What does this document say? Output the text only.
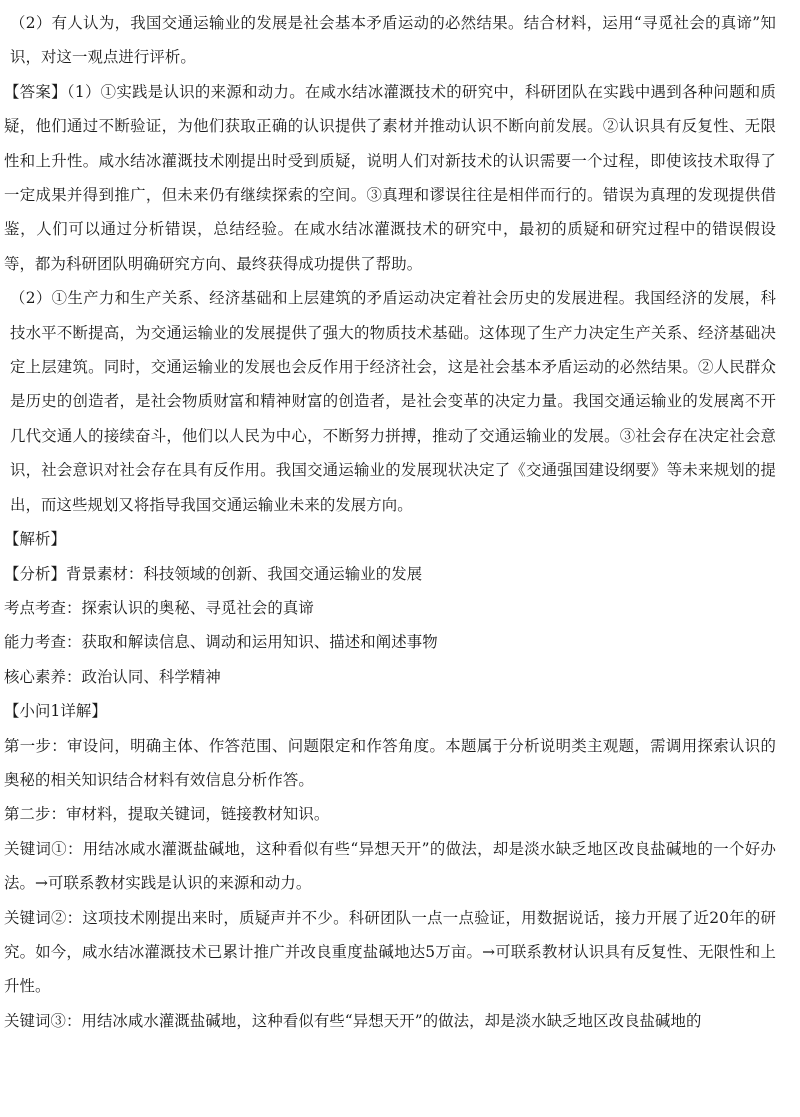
（2）有人认为，我国交通运输业的发展是社会基本矛盾运动的必然结果。结合材料，运用“寻觅社会的真谛”知识，对这一观点进行评析。

【答案】（1）①实践是认识的来源和动力。在咸水结冰灌溉技术的研究中，科研团队在实践中遇到各种问题和质疑，他们通过不断验证，为他们获取正确的认识提供了素材并推动认识不断向前发展。②认识具有反复性、无限性和上升性。咸水结冰灌溉技术刚提出时受到质疑，说明人们对新技术的认识需要一个过程，即使该技术取得了一定成果并得到推广，但未来仍有继续探索的空间。③真理和谬误往往是相伴而行的。错误为真理的发现提供借鉴，人们可以通过分析错误，总结经验。在咸水结冰灌溉技术的研究中，最初的质疑和研究过程中的错误假设等，都为科研团队明确研究方向、最终获得成功提供了帮助。

（2）①生产力和生产关系、经济基础和上层建筑的矛盾运动决定着社会历史的发展进程。我国经济的发展，科技水平不断提高，为交通运输业的发展提供了强大的物质技术基础。这体现了生产力决定生产关系、经济基础决定上层建筑。同时，交通运输业的发展也会反作用于经济社会，这是社会基本矛盾运动的必然结果。②人民群众是历史的创造者，是社会物质财富和精神财富的创造者，是社会变革的决定力量。我国交通运输业的发展离不开几代交通人的接续奋斗，他们以人民为中心，不断努力拼搏，推动了交通运输业的发展。③社会存在决定社会意识，社会意识对社会存在具有反作用。我国交通运输业的发展现状决定了《交通强国建设纲要》等未来规划的提出，而这些规划又将指导我国交通运输业未来的发展方向。

【解析】

【分析】背景素材：科技领域的创新、我国交通运输业的发展

考点考查：探索认识的奥秘、寻觅社会的真谛

能力考查：获取和解读信息、调动和运用知识、描述和阐述事物

核心素养：政治认同、科学精神

【小问1详解】

第一步：审设问，明确主体、作答范围、问题限定和作答角度。本题属于分析说明类主观题，需调用探索认识的奥秘的相关知识结合材料有效信息分析作答。

第二步：审材料，提取关键词，链接教材知识。

关键词①：用结冰咸水灌溉盐碱地，这种看似有些“异想天开”的做法，却是淡水缺乏地区改良盐碱地的一个好办法。→可联系教材实践是认识的来源和动力。

关键词②：这项技术刚提出来时，质疑声并不少。科研团队一点一点验证，用数据说话，接力开展了近20年的研究。如今，咸水结冰灌溉技术已累计推广并改良重度盐碱地达5万亩。→可联系教材认识具有反复性、无限性和上升性。

关键词③：用结冰咸水灌溉盐碱地，这种看似有些“异想天开”的做法，却是淡水缺乏地区改良盐碱地的
